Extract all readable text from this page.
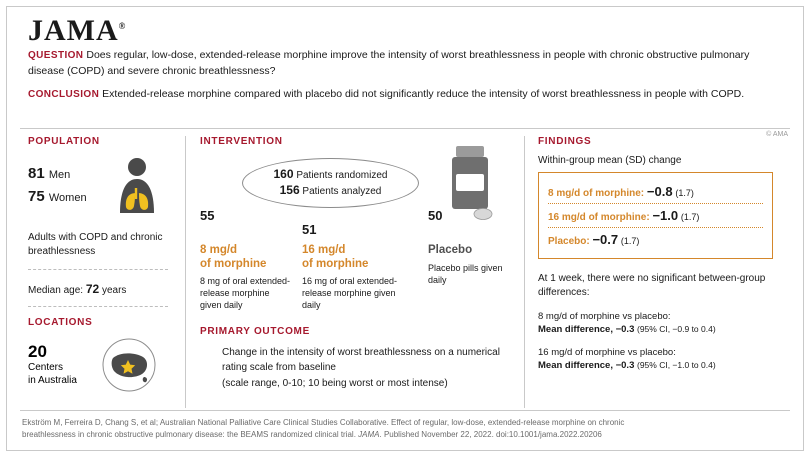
JAMA®
QUESTION Does regular, low-dose, extended-release morphine improve the intensity of worst breathlessness in people with chronic obstructive pulmonary disease (COPD) and severe chronic breathlessness?
CONCLUSION Extended-release morphine compared with placebo did not significantly reduce the intensity of worst breathlessness in people with COPD.
© AMA
POPULATION
81 Men
75 Women
Adults with COPD and chronic breathlessness
Median age: 72 years
LOCATIONS
20
Centers
in Australia
INTERVENTION
160 Patients randomized
156 Patients analyzed
55
8 mg/d
of morphine
8 mg of oral extended-release morphine given daily
51
16 mg/d
of morphine
16 mg of oral extended-release morphine given daily
50
Placebo
Placebo pills given daily
PRIMARY OUTCOME
Change in the intensity of worst breathlessness on a numerical rating scale from baseline
(scale range, 0-10; 10 being worst or most intense)
FINDINGS
Within-group mean (SD) change
8 mg/d of morphine: −0.8 (1.7)
16 mg/d of morphine: −1.0 (1.7)
Placebo: −0.7 (1.7)
At 1 week, there were no significant between-group differences:
8 mg/d of morphine vs placebo:
Mean difference, −0.3 (95% CI, −0.9 to 0.4)
16 mg/d of morphine vs placebo:
Mean difference, −0.3 (95% CI, −1.0 to 0.4)
Ekström M, Ferreira D, Chang S, et al; Australian National Palliative Care Clinical Studies Collaborative. Effect of regular, low-dose, extended-release morphine on chronic
breathlessness in chronic obstructive pulmonary disease: the BEAMS randomized clinical trial. JAMA. Published November 22, 2022. doi:10.1001/jama.2022.20206
